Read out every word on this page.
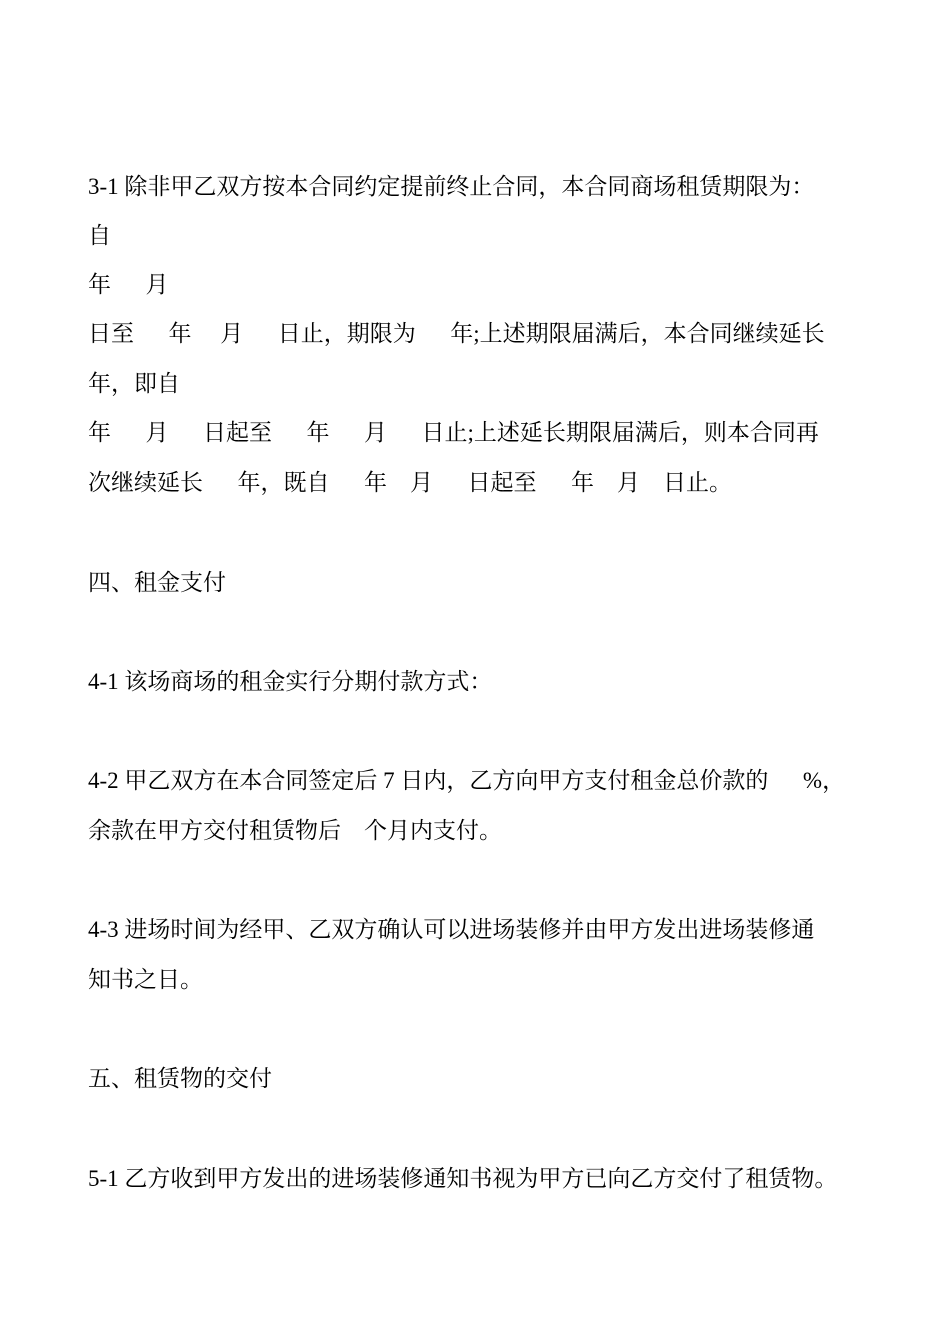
3-1 除非甲乙双方按本合同约定提前终止合同，本合同商场租赁期限为：
自
年      月
日至      年     月      日止，期限为      年;上述期限届满后，本合同继续延长
年，即自
年      月      日起至      年      月      日止;上述延长期限届满后，则本合同再
次继续延长      年，既自      年    月      日起至      年    月    日止。
四、租金支付
4-1 该场商场的租金实行分期付款方式：
4-2 甲乙双方在本合同签定后 7 日内，乙方向甲方支付租金总价款的      %，
余款在甲方交付租赁物后    个月内支付。
4-3 进场时间为经甲、乙双方确认可以进场装修并由甲方发出进场装修通
知书之日。
五、租赁物的交付
5-1 乙方收到甲方发出的进场装修通知书视为甲方已向乙方交付了租赁物。
